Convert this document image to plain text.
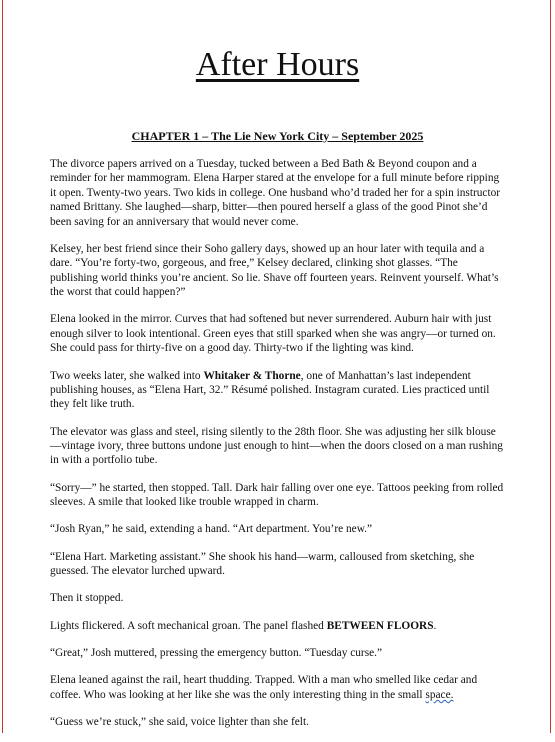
After Hours

CHAPTER 1 – The Lie New York City – September 2025

The divorce papers arrived on a Tuesday, tucked between a Bed Bath & Beyond coupon and a reminder for her mammogram. Elena Harper stared at the envelope for a full minute before ripping it open. Twenty-two years. Two kids in college. One husband who’d traded her for a spin instructor named Brittany. She laughed—sharp, bitter—then poured herself a glass of the good Pinot she’d been saving for an anniversary that would never come.

Kelsey, her best friend since their Soho gallery days, showed up an hour later with tequila and a dare. “You’re forty-two, gorgeous, and free,” Kelsey declared, clinking shot glasses. “The publishing world thinks you’re ancient. So lie. Shave off fourteen years. Reinvent yourself. What’s the worst that could happen?”

Elena looked in the mirror. Curves that had softened but never surrendered. Auburn hair with just enough silver to look intentional. Green eyes that still sparked when she was angry—or turned on. She could pass for thirty-five on a good day. Thirty-two if the lighting was kind.

Two weeks later, she walked into Whitaker & Thorne, one of Manhattan’s last independent publishing houses, as “Elena Hart, 32.” Résumé polished. Instagram curated. Lies practiced until they felt like truth.

The elevator was glass and steel, rising silently to the 28th floor. She was adjusting her silk blouse—vintage ivory, three buttons undone just enough to hint—when the doors closed on a man rushing in with a portfolio tube.

“Sorry—” he started, then stopped. Tall. Dark hair falling over one eye. Tattoos peeking from rolled sleeves. A smile that looked like trouble wrapped in charm.

“Josh Ryan,” he said, extending a hand. “Art department. You’re new.”

“Elena Hart. Marketing assistant.” She shook his hand—warm, calloused from sketching, she guessed. The elevator lurched upward.

Then it stopped.

Lights flickered. A soft mechanical groan. The panel flashed BETWEEN FLOORS.

“Great,” Josh muttered, pressing the emergency button. “Tuesday curse.”

Elena leaned against the rail, heart thudding. Trapped. With a man who smelled like cedar and coffee. Who was looking at her like she was the only interesting thing in the small space.

“Guess we’re stuck,” she said, voice lighter than she felt.
